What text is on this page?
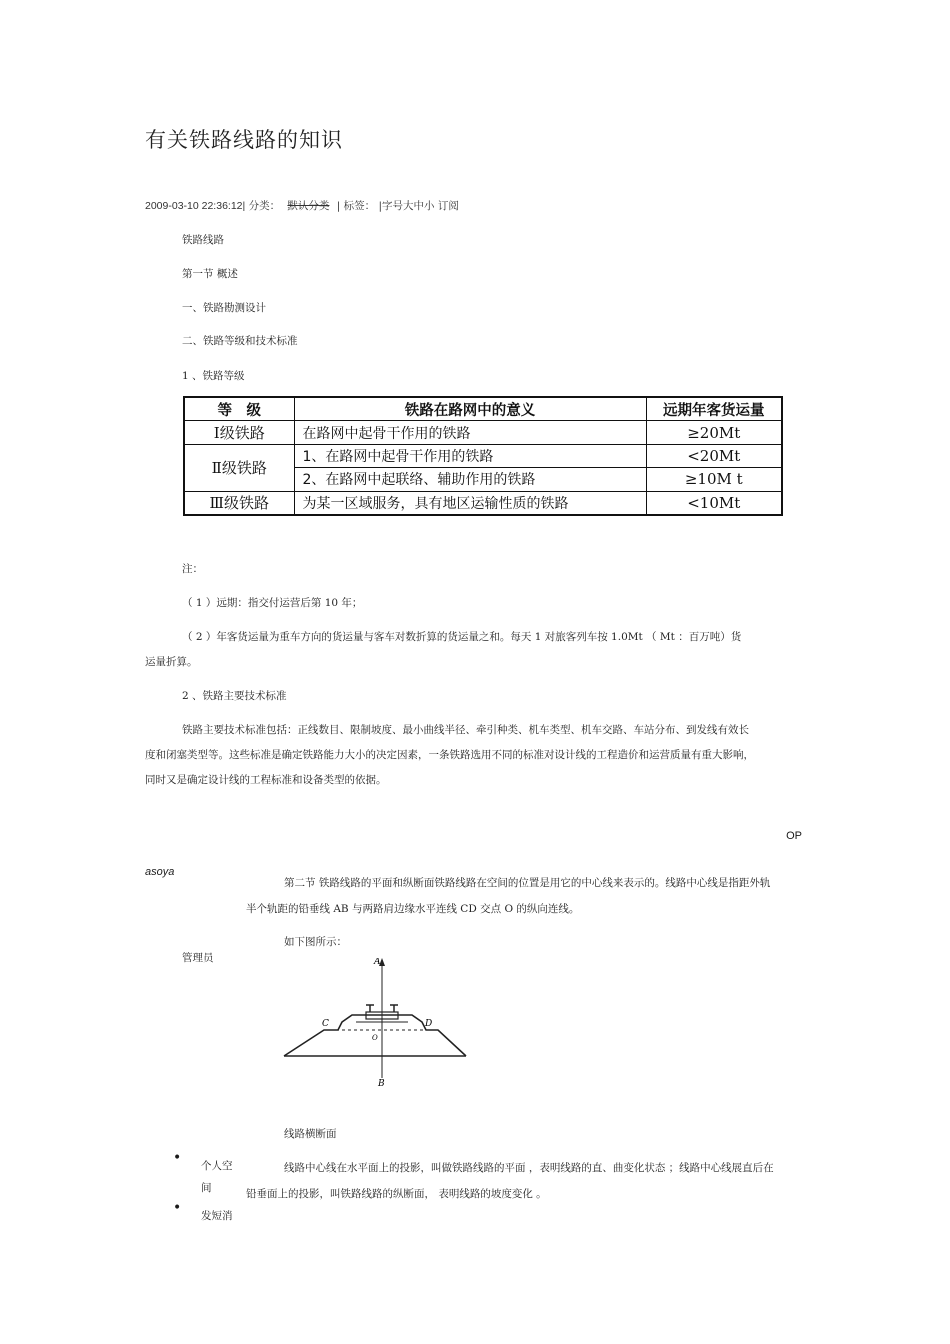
有关铁路线路的知识
2009-03-10 22:36:12| 分类： 默认分类 | 标签： |字号大中小 订阅
铁路线路
第一节 概述
一、铁路勘测设计
二、铁路等级和技术标准
1 、铁路等级
等　级	铁路在路网中的意义	远期年客货运量
Ⅰ级铁路	在路网中起骨干作用的铁路	≥20Mt
Ⅱ级铁路	1、在路网中起骨干作用的铁路	<20Mt
	2、在路网中起联络、辅助作用的铁路	≥10M t
Ⅲ级铁路	为某一区域服务，具有地区运输性质的铁路	<10Mt
注：
（ 1 ）远期：指交付运营后第 10 年；
（ 2 ）年客货运量为重车方向的货运量与客车对数折算的货运量之和。每天 1 对旅客列车按 1.0Mt （ Mt ：百万吨）货
运量折算。
2 、铁路主要技术标准
铁路主要技术标准包括：正线数目、限制坡度、最小曲线半径、牵引种类、机车类型、机车交路、车站分布、到发线有效长
度和闭塞类型等。这些标准是确定铁路能力大小的决定因素，一条铁路选用不同的标准对设计线的工程造价和运营质量有重大影响，
同时又是确定设计线的工程标准和设备类型的依据。
OP
asoya
管理员
第二节 铁路线路的平面和纵断面铁路线路在空间的位置是用它的中心线来表示的。线路中心线是指距外轨
半个轨距的铅垂线 AB 与两路肩边缘水平连线 CD 交点 O 的纵向连线。
如下图所示：
A
B
C	D
O
线路横断面
• 个人空
间
• 发短消
线路中心线在水平面上的投影，叫做铁路线路的平面 ，表明线路的直、曲变化状态 ；线路中心线展直后在
铅垂面上的投影，叫铁路线路的纵断面， 表明线路的坡度变化 。
